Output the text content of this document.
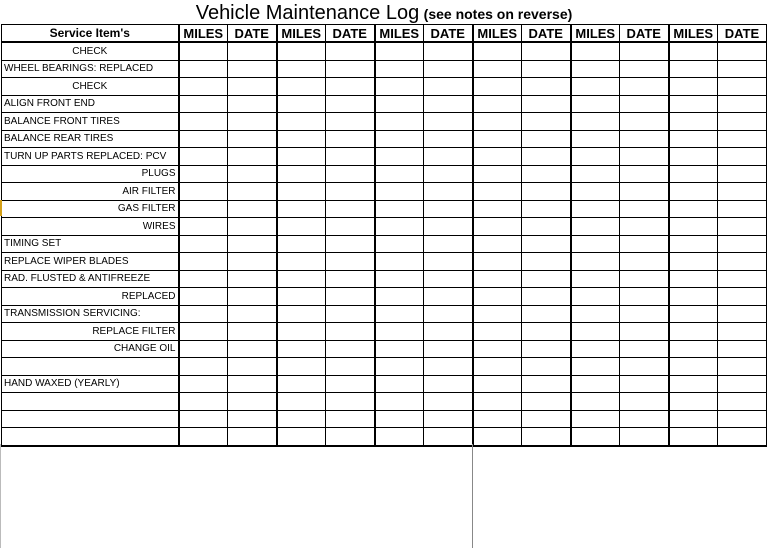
Vehicle Maintenance Log (see notes on reverse)
Service Item's	MILES	DATE	MILES	DATE	MILES	DATE	MILES	DATE	MILES	DATE	MILES	DATE
CHECK												
WHEEL BEARINGS: REPLACED												
CHECK												
ALIGN FRONT END												
BALANCE FRONT TIRES												
BALANCE REAR TIRES												
TURN UP PARTS REPLACED: PCV												
PLUGS												
AIR FILTER												
GAS FILTER												
WIRES												
TIMING SET												
REPLACE WIPER BLADES												
RAD. FLUSTED & ANTIFREEZE												
REPLACED												
TRANSMISSION SERVICING:												
REPLACE FILTER												
CHANGE OIL												

HAND WAXED (YEARLY)												
